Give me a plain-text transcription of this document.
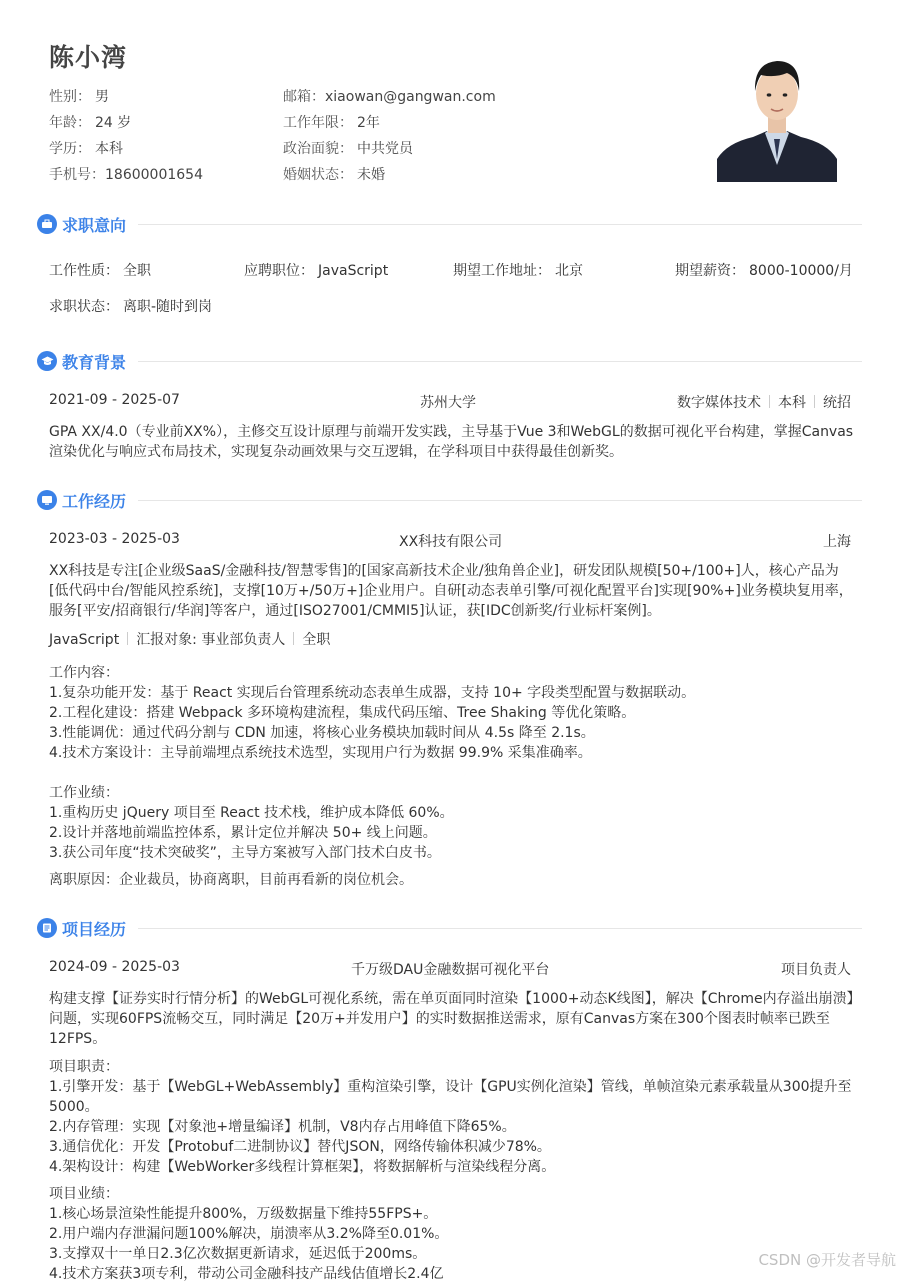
陈小湾
性别： 男
年龄： 24 岁
学历： 本科
手机号：18600001654
邮箱：xiaowan@gangwan.com
工作年限： 2年
政治面貌： 中共党员
婚姻状态： 未婚
求职意向
工作性质： 全职	应聘职位： JavaScript	期望工作地址： 北京	期望薪资： 8000-10000/月
求职状态： 离职-随时到岗
教育背景
2021-09 - 2025-07	苏州大学	数字媒体技术 本科 统招
GPA XX/4.0（专业前XX%），主修交互设计原理与前端开发实践，主导基于Vue 3和WebGL的数据可视化平台构建，掌握Canvas渲染优化与响应式布局技术，实现复杂动画效果与交互逻辑，在学科项目中获得最佳创新奖。
工作经历
2023-03 - 2025-03	XX科技有限公司	上海
XX科技是专注[企业级SaaS/金融科技/智慧零售]的[国家高新技术企业/独角兽企业]，研发团队规模[50+/100+]人，核心产品为[低代码中台/智能风控系统]，支撑[10万+/50万+]企业用户。自研[动态表单引擎/可视化配置平台]实现[90%+]业务模块复用率，服务[平安/招商银行/华润]等客户，通过[ISO27001/CMMI5]认证，获[IDC创新奖/行业标杆案例]。
JavaScript 汇报对象: 事业部负责人 全职
工作内容：
1.复杂功能开发：基于 React 实现后台管理系统动态表单生成器，支持 10+ 字段类型配置与数据联动。
2.工程化建设：搭建 Webpack 多环境构建流程，集成代码压缩、Tree Shaking 等优化策略。
3.性能调优：通过代码分割与 CDN 加速，将核心业务模块加载时间从 4.5s 降至 2.1s。
4.技术方案设计：主导前端埋点系统技术选型，实现用户行为数据 99.9% 采集准确率。
工作业绩：
1.重构历史 jQuery 项目至 React 技术栈，维护成本降低 60%。
2.设计并落地前端监控体系，累计定位并解决 50+ 线上问题。
3.获公司年度“技术突破奖”，主导方案被写入部门技术白皮书。
离职原因：企业裁员，协商离职，目前再看新的岗位机会。
项目经历
2024-09 - 2025-03	千万级DAU金融数据可视化平台	项目负责人
构建支撑【证券实时行情分析】的WebGL可视化系统，需在单页面同时渲染【1000+动态K线图】，解决【Chrome内存溢出崩溃】问题，实现60FPS流畅交互，同时满足【20万+并发用户】的实时数据推送需求，原有Canvas方案在300个图表时帧率已跌至12FPS。
项目职责：
1.引擎开发：基于【WebGL+WebAssembly】重构渲染引擎，设计【GPU实例化渲染】管线，单帧渲染元素承载量从300提升至5000。
2.内存管理：实现【对象池+增量编译】机制，V8内存占用峰值下降65%。
3.通信优化：开发【Protobuf二进制协议】替代JSON，网络传输体积减少78%。
4.架构设计：构建【WebWorker多线程计算框架】，将数据解析与渲染线程分离。
项目业绩：
1.核心场景渲染性能提升800%，万级数据量下维持55FPS+。
2.用户端内存泄漏问题100%解决，崩溃率从3.2%降至0.01%。
3.支撑双十一单日2.3亿次数据更新请求，延迟低于200ms。
4.技术方案获3项专利，带动公司金融科技产品线估值增长2.4亿
CSDN @开发者导航
